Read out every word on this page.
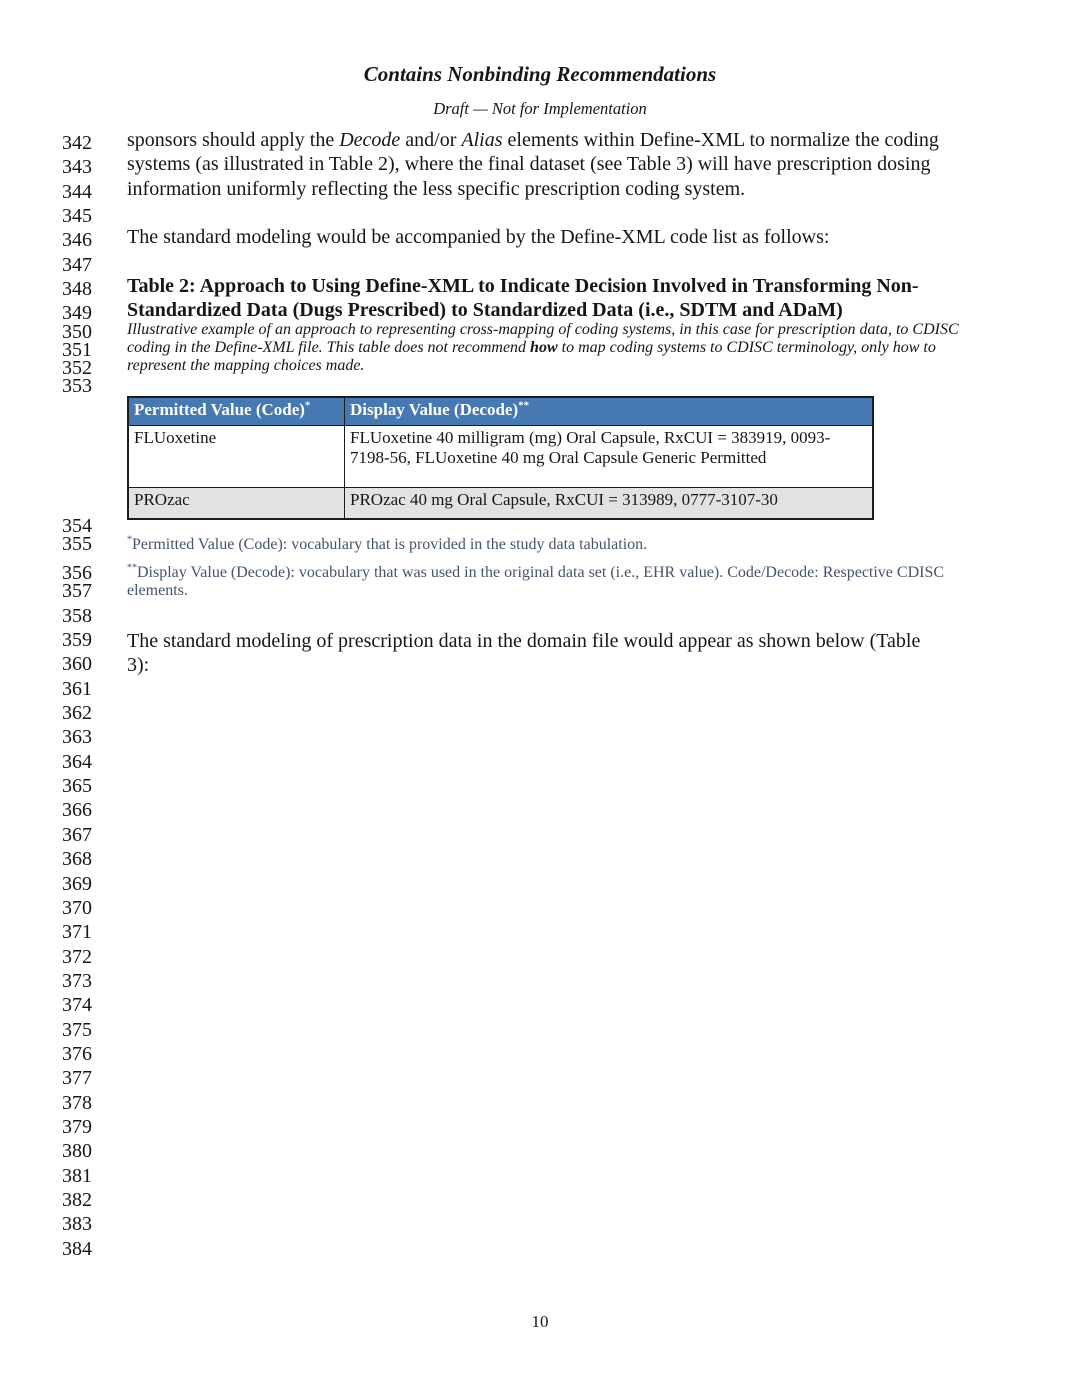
Contains Nonbinding Recommendations
Draft — Not for Implementation
342
343
344
345
346
347
348
349
350
351
352
353
354
355
356
357
358
359
360
361
362
363
364
365
366
367
368
369
370
371
372
373
374
375
376
377
378
379
380
381
382
383
384
sponsors should apply the Decode and/or Alias elements within Define-XML to normalize the coding systems (as illustrated in Table 2), where the final dataset (see Table 3) will have prescription dosing information uniformly reflecting the less specific prescription coding system.
The standard modeling would be accompanied by the Define-XML code list as follows:
Table 2: Approach to Using Define-XML to Indicate Decision Involved in Transforming Non-Standardized Data (Dugs Prescribed) to Standardized Data (i.e., SDTM and ADaM)
Illustrative example of an approach to representing cross-mapping of coding systems, in this case for prescription data, to CDISC coding in the Define-XML file. This table does not recommend how to map coding systems to CDISC terminology, only how to represent the mapping choices made.
Permitted Value (Code)*	Display Value (Decode)**
FLUoxetine	FLUoxetine 40 milligram (mg) Oral Capsule, RxCUI = 383919, 0093-7198-56, FLUoxetine 40 mg Oral Capsule Generic Permitted
PROzac	PROzac 40 mg Oral Capsule, RxCUI = 313989, 0777-3107-30
*Permitted Value (Code): vocabulary that is provided in the study data tabulation.
**Display Value (Decode): vocabulary that was used in the original data set (i.e., EHR value). Code/Decode: Respective CDISC elements.
The standard modeling of prescription data in the domain file would appear as shown below (Table 3):
10
